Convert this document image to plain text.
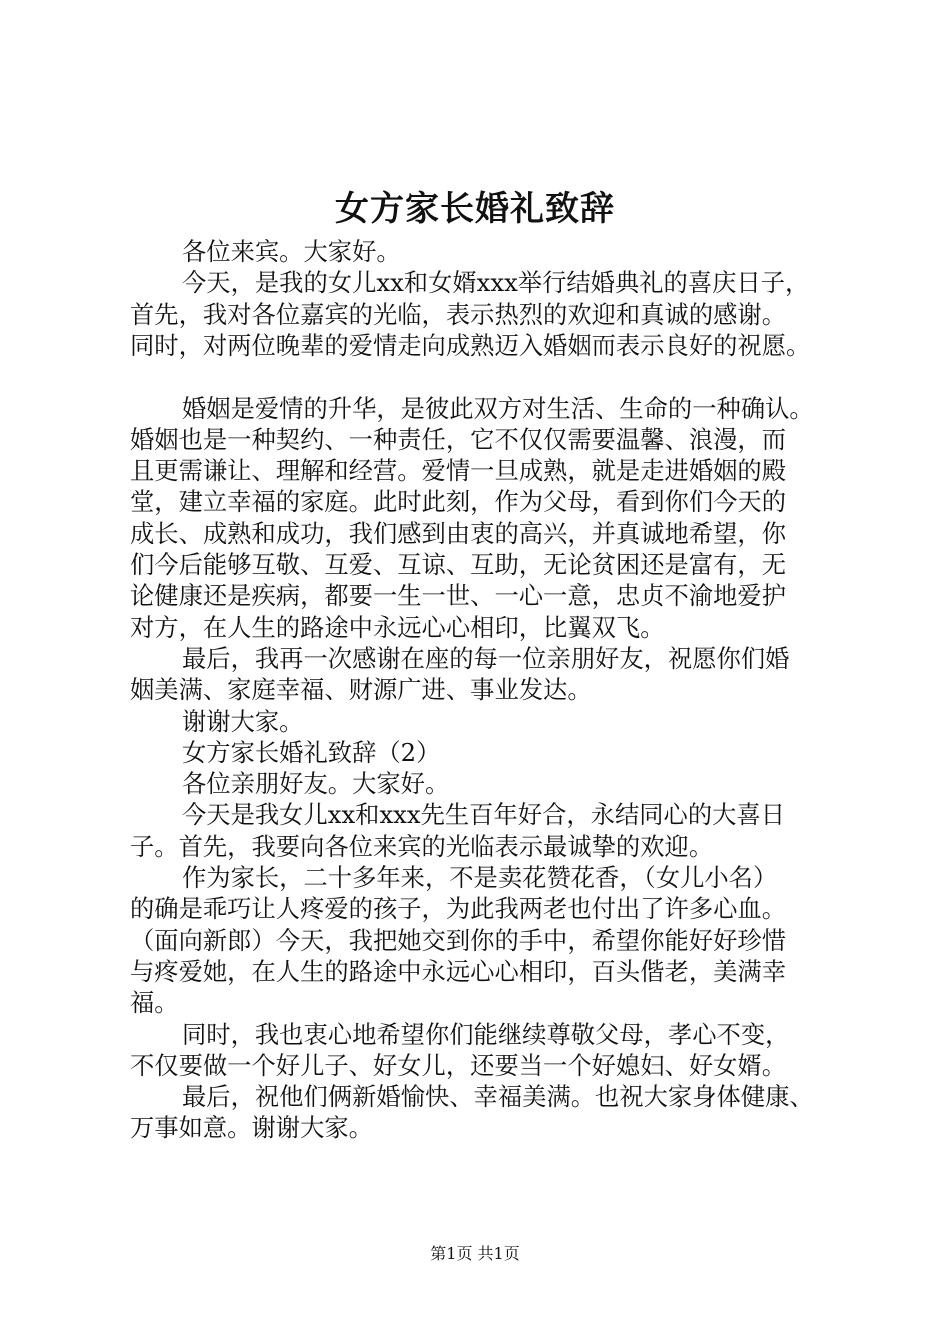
女方家长婚礼致辞
各位来宾。大家好。
今天，是我的女儿xx和女婿xxx举行结婚典礼的喜庆日子，
首先，我对各位嘉宾的光临，表示热烈的欢迎和真诚的感谢。
同时，对两位晚辈的爱情走向成熟迈入婚姻而表示良好的祝愿。
婚姻是爱情的升华，是彼此双方对生活、生命的一种确认。
婚姻也是一种契约、一种责任，它不仅仅需要温馨、浪漫，而
且更需谦让、理解和经营。爱情一旦成熟，就是走进婚姻的殿
堂，建立幸福的家庭。此时此刻，作为父母，看到你们今天的
成长、成熟和成功，我们感到由衷的高兴，并真诚地希望，你
们今后能够互敬、互爱、互谅、互助，无论贫困还是富有，无
论健康还是疾病，都要一生一世、一心一意，忠贞不渝地爱护
对方，在人生的路途中永远心心相印，比翼双飞。
最后，我再一次感谢在座的每一位亲朋好友，祝愿你们婚
姻美满、家庭幸福、财源广进、事业发达。
谢谢大家。
女方家长婚礼致辞（2）
各位亲朋好友。大家好。
今天是我女儿xx和xxx先生百年好合，永结同心的大喜日
子。首先，我要向各位来宾的光临表示最诚挚的欢迎。
作为家长，二十多年来，不是卖花赞花香，（女儿小名）
的确是乖巧让人疼爱的孩子，为此我两老也付出了许多心血。
（面向新郎）今天，我把她交到你的手中，希望你能好好珍惜
与疼爱她，在人生的路途中永远心心相印，百头偕老，美满幸
福。
同时，我也衷心地希望你们能继续尊敬父母，孝心不变，
不仅要做一个好儿子、好女儿，还要当一个好媳妇、好女婿。
最后，祝他们俩新婚愉快、幸福美满。也祝大家身体健康、
万事如意。谢谢大家。
第1页 共1页
